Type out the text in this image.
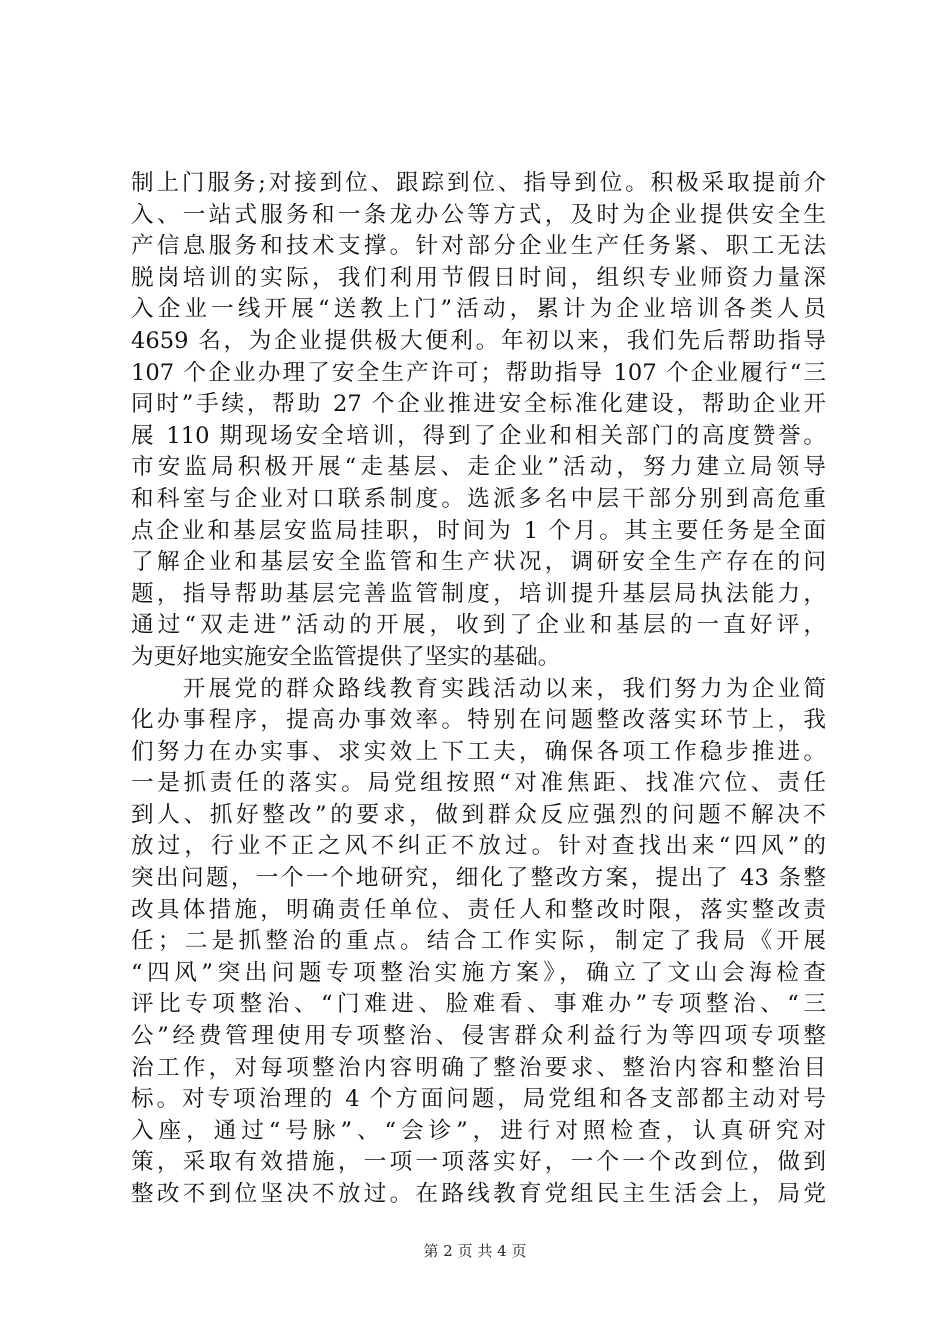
制上门服务;对接到位、跟踪到位、指导到位。积极采取提前介
入、一站式服务和一条龙办公等方式，及时为企业提供安全生
产信息服务和技术支撑。针对部分企业生产任务紧、职工无法
脱岗培训的实际，我们利用节假日时间，组织专业师资力量深
入企业一线开展“送教上门”活动，累计为企业培训各类人员
4659 名，为企业提供极大便利。年初以来，我们先后帮助指导
107 个企业办理了安全生产许可；帮助指导 107 个企业履行“三
同时”手续，帮助 27 个企业推进安全标准化建设，帮助企业开
展 110 期现场安全培训，得到了企业和相关部门的高度赞誉。
市安监局积极开展“走基层、走企业”活动，努力建立局领导
和科室与企业对口联系制度。选派多名中层干部分别到高危重
点企业和基层安监局挂职，时间为 1 个月。其主要任务是全面
了解企业和基层安全监管和生产状况，调研安全生产存在的问
题，指导帮助基层完善监管制度，培训提升基层局执法能力，
通过“双走进”活动的开展，收到了企业和基层的一直好评，
为更好地实施安全监管提供了坚实的基础。
　　开展党的群众路线教育实践活动以来，我们努力为企业简
化办事程序，提高办事效率。特别在问题整改落实环节上，我
们努力在办实事、求实效上下工夫，确保各项工作稳步推进。
一是抓责任的落实。局党组按照“对准焦距、找准穴位、责任
到人、抓好整改”的要求，做到群众反应强烈的问题不解决不
放过，行业不正之风不纠正不放过。针对查找出来“四风”的
突出问题，一个一个地研究，细化了整改方案，提出了 43 条整
改具体措施，明确责任单位、责任人和整改时限，落实整改责
任；二是抓整治的重点。结合工作实际，制定了我局《开展
“四风”突出问题专项整治实施方案》，确立了文山会海检查
评比专项整治、“门难进、脸难看、事难办”专项整治、“三
公”经费管理使用专项整治、侵害群众利益行为等四项专项整
治工作，对每项整治内容明确了整治要求、整治内容和整治目
标。对专项治理的 4 个方面问题，局党组和各支部都主动对号
入座，通过“号脉”、“会诊”，进行对照检查，认真研究对
策，采取有效措施，一项一项落实好，一个一个改到位，做到
整改不到位坚决不放过。在路线教育党组民主生活会上，局党
第 2 页 共 4 页
